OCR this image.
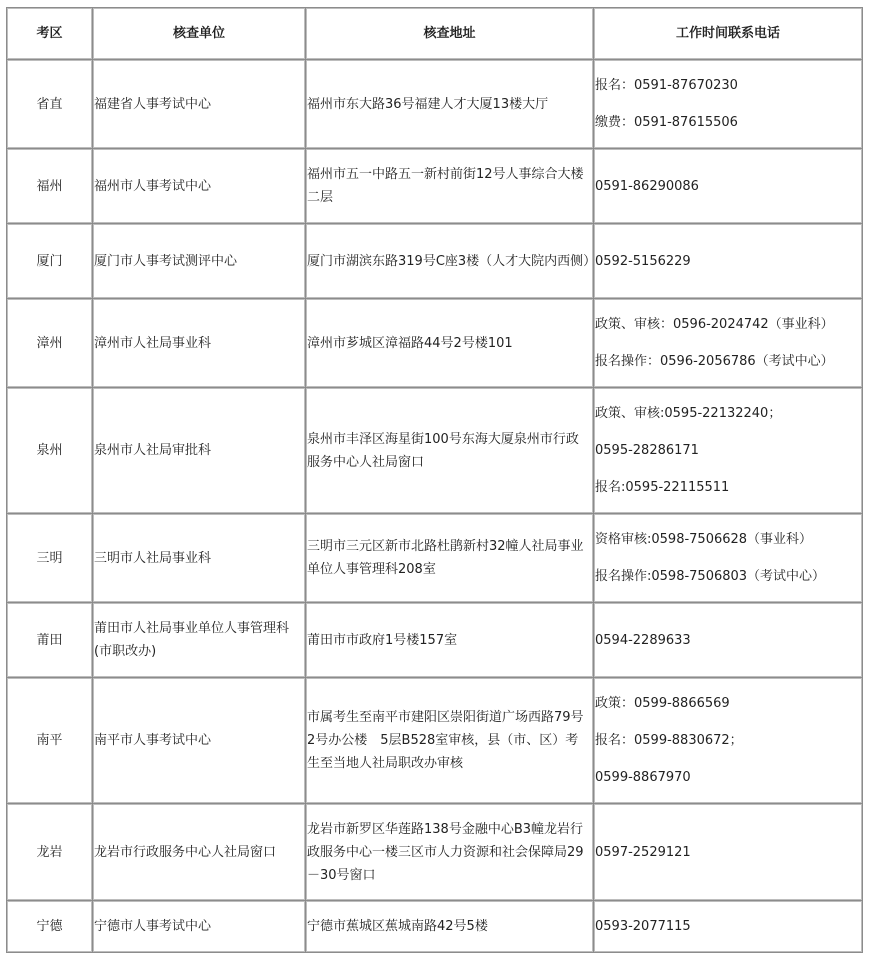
考区	核查单位	核查地址	工作时间联系电话
省直	福建省人事考试中心	福州市东大路36号福建人才大厦13楼大厅	报名：0591-87670230
缴费：0591-87615506

福州	福州市人事考试中心	福州市五一中路五一新村前街12号人事综合大楼二层	0591-86290086

厦门	厦门市人事考试测评中心	厦门市湖滨东路319号C座3楼（人才大院内西侧）	0592-5156229

漳州	漳州市人社局事业科	漳州市芗城区漳福路44号2号楼101	政策、审核：0596-2024742（事业科）
报名操作：0596-2056786（考试中心）

泉州	泉州市人社局审批科	泉州市丰泽区海星街100号东海大厦泉州市行政服务中心人社局窗口	政策、审核:0595-22132240；
0595-28286171
报名:0595-22115511

三明	三明市人社局事业科	三明市三元区新市北路杜鹃新村32幢人社局事业单位人事管理科208室	资格审核:0598-7506628（事业科）
报名操作:0598-7506803（考试中心）

莆田	莆田市人社局事业单位人事管理科(市职改办)	莆田市市政府1号楼157室	0594-2289633

南平	南平市人事考试中心	市属考生至南平市建阳区崇阳街道广场西路79号2号办公楼　5层B528室审核，县（市、区）考生至当地人社局职改办审核	政策：0599-8866569
报名：0599-8830672；
0599-8867970

龙岩	龙岩市行政服务中心人社局窗口	龙岩市新罗区华莲路138号金融中心B3幢龙岩行政服务中心一楼三区市人力资源和社会保障局29－30号窗口	0597-2529121

宁德	宁德市人事考试中心	宁德市蕉城区蕉城南路42号5楼	0593-2077115
